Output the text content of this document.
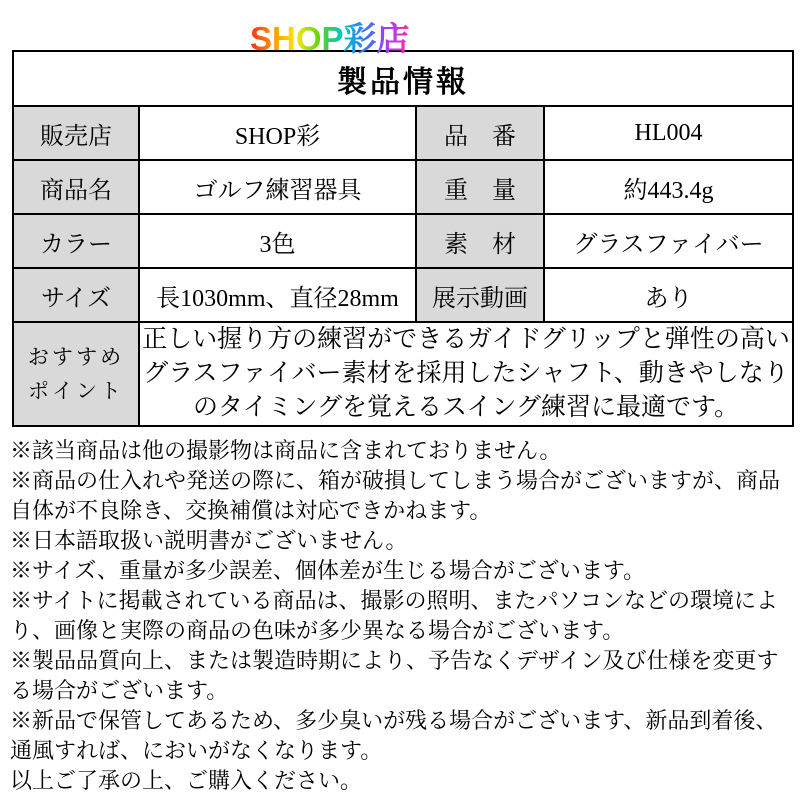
SHOP彩店
製品情報			
販売店	SHOP彩	品　番	HL004
商品名	ゴルフ練習器具	重　量	約443.4g
カラー	3色	素　材	グラスファイバー
サイズ	長1030mm、直径28mm	展示動画	あり
おすすめ
ポイント	正しい握り方の練習ができるガイドグリップと弾性の高いグラスファイバー素材を採用したシャフト、動きやしなりのタイミングを覚えるスイング練習に最適です。		

※該当商品は他の撮影物は商品に含まれておりません。

※商品の仕入れや発送の際に、箱が破損してしまう場合がございますが、商品自体が不良除き、交換補償は対応できかねます。

※日本語取扱い説明書がございません。

※サイズ、重量が多少誤差、個体差が生じる場合がございます。

※サイトに掲載されている商品は、撮影の照明、またパソコンなどの環境により、画像と実際の商品の色味が多少異なる場合がございます。

※製品品質向上、または製造時期により、予告なくデザイン及び仕様を変更する場合がございます。

※新品で保管してあるため、多少臭いが残る場合がございます、新品到着後、通風すれば、においがなくなります。

以上ご了承の上、ご購入ください。
